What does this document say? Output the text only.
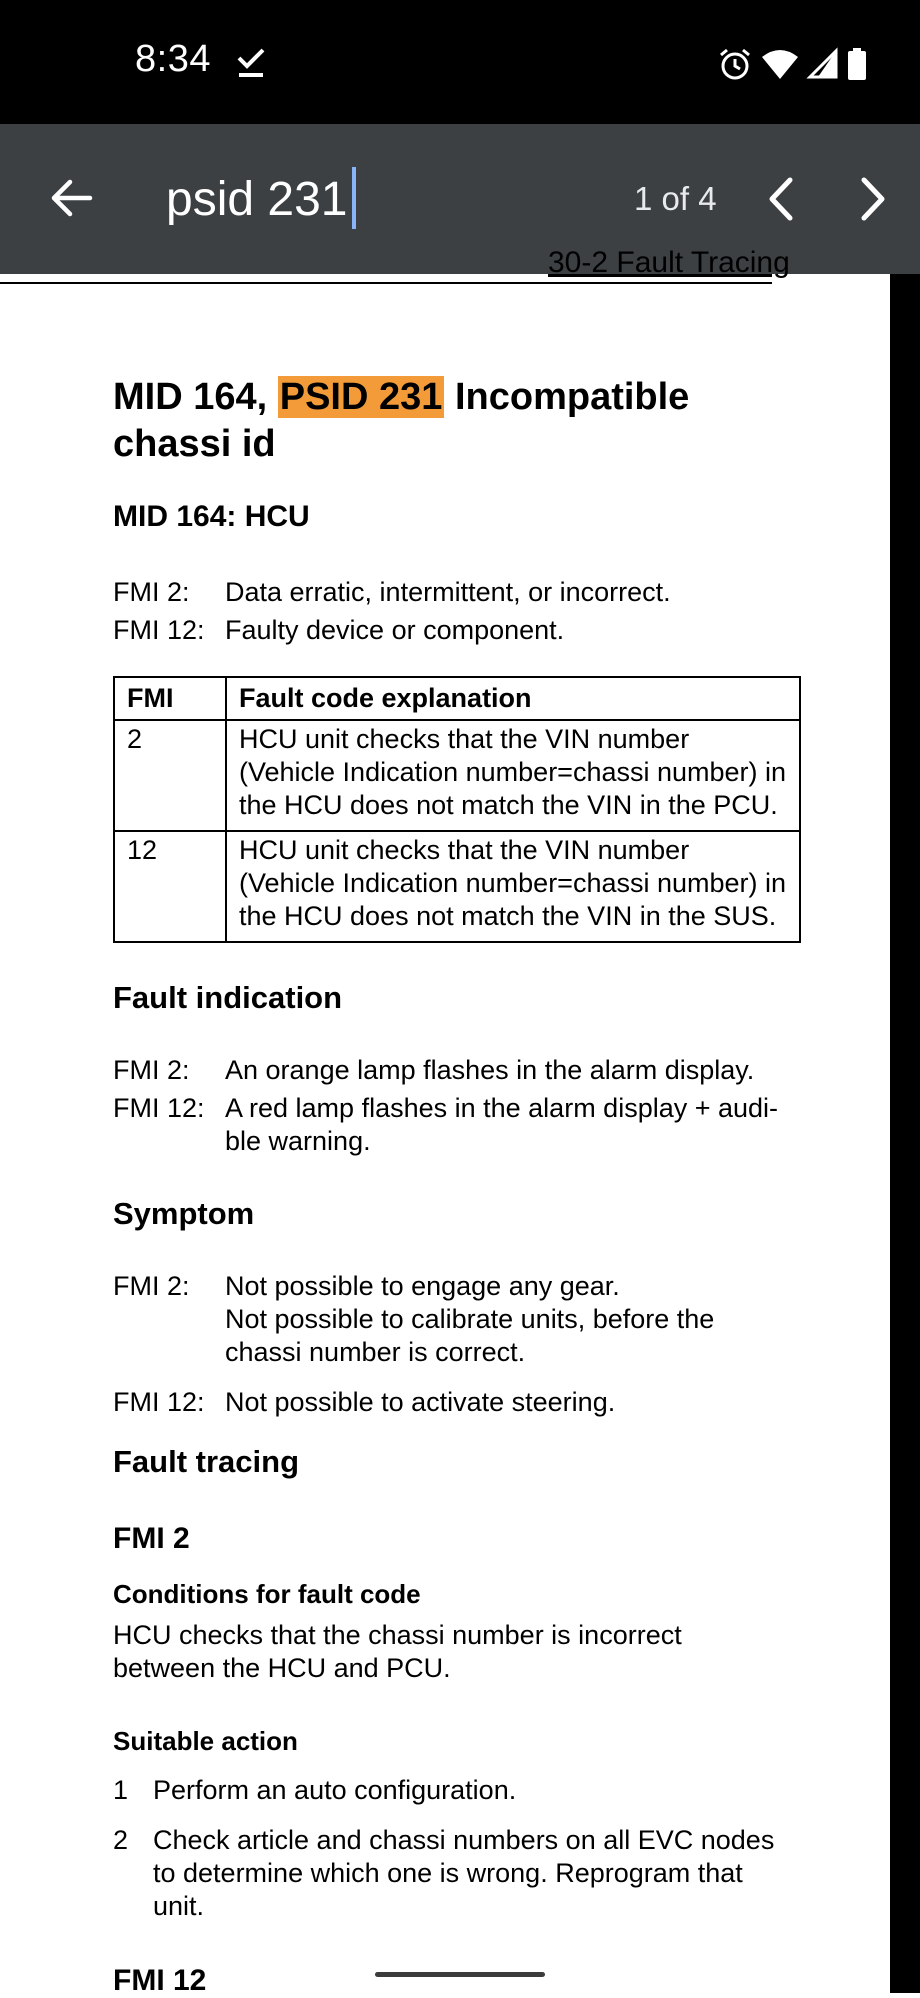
8:34
psid 231
1 of 4
30-2 Fault Tracing
MID 164, PSID 231 Incompatible chassi id
MID 164: HCU
FMI 2:	Data erratic, intermittent, or incorrect.
FMI 12: Faulty device or component.
FMI	Fault code explanation
2	HCU unit checks that the VIN number (Vehicle Indication number=chassi number) in the HCU does not match the VIN in the PCU.
12	HCU unit checks that the VIN number (Vehicle Indication number=chassi number) in the HCU does not match the VIN in the SUS.
Fault indication
FMI 2:	An orange lamp flashes in the alarm display.
FMI 12: A red lamp flashes in the alarm display + audi-ble warning.
Symptom
FMI 2:	Not possible to engage any gear.
Not possible to calibrate units, before the chassi number is correct.
FMI 12: Not possible to activate steering.
Fault tracing
FMI 2
Conditions for fault code
HCU checks that the chassi number is incorrect between the HCU and PCU.
Suitable action
1 Perform an auto configuration.
2 Check article and chassi numbers on all EVC nodes to determine which one is wrong. Reprogram that unit.
FMI 12
